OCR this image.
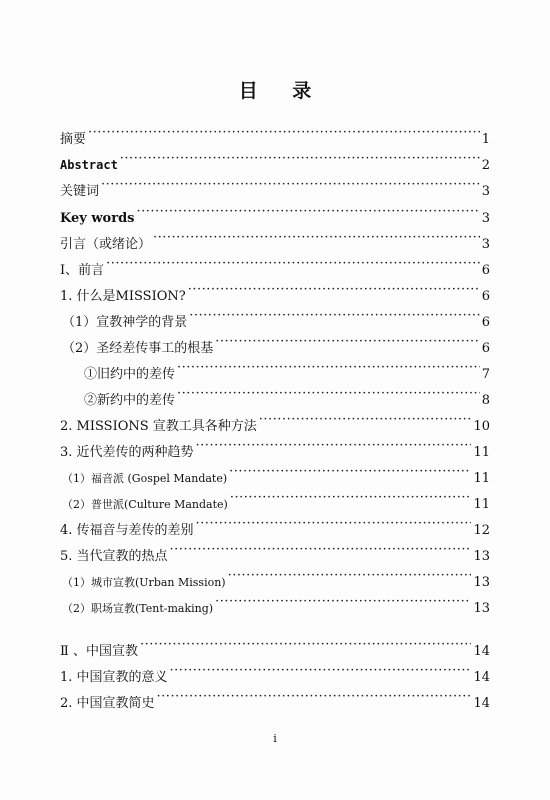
目 录
摘要 ·····	1
Abstract ·····	2
关键词 ·····	3
Key words ·····	3
引言（或绪论） ·····	3
Ⅰ、前言 ·····	6
1. 什么是MISSION? ·····	6
（1）宣教神学的背景 ·····	6
（2）圣经差传事工的根基 ·····	6
①旧约中的差传 ·····	7
②新约中的差传 ·····	8
2. MISSIONS 宣教工具各种方法 ·····	10
3. 近代差传的两种趋势 ·····	11
（1）福音派 (Gospel Mandate) ·····	11
（2）普世派(Culture Mandate) ·····	11
4. 传福音与差传的差别 ·····	12
5. 当代宣教的热点 ·····	13
（1）城市宣教(Urban Mission) ·····	13
（2）职场宣教(Tent-making) ·····	13
Ⅱ 、中国宣教 ·····	14
1. 中国宣教的意义 ·····	14
2. 中国宣教简史 ·····	14
i
